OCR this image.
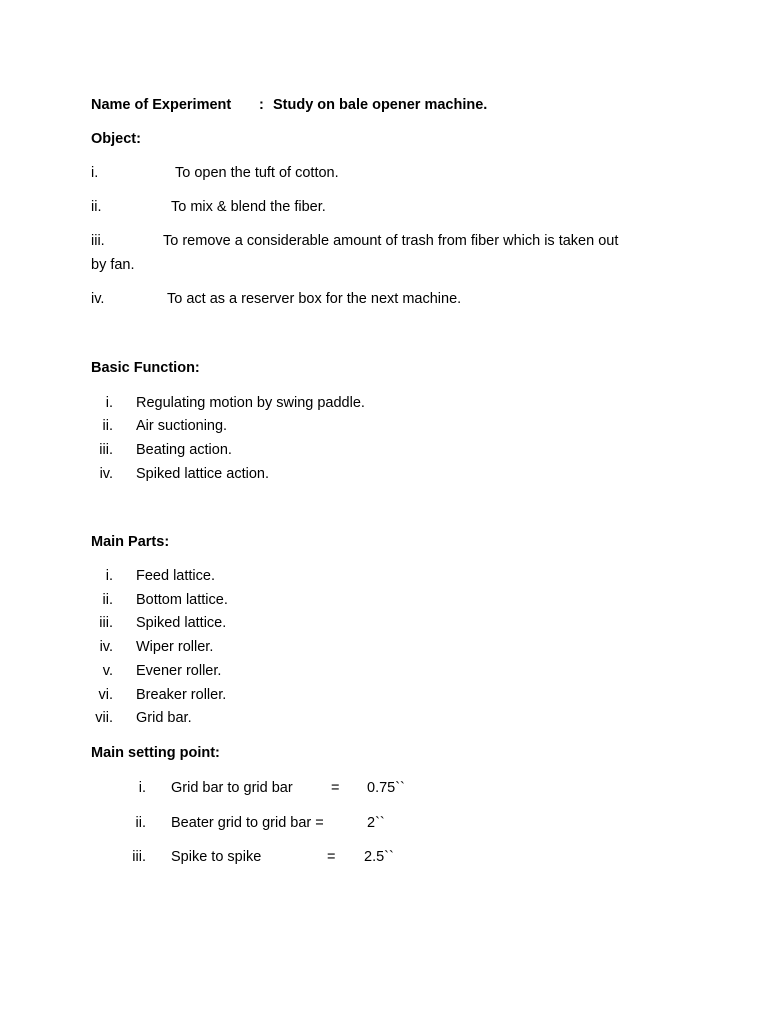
Name of Experiment : Study on bale opener machine.
Object:
i.	To open the tuft of cotton.
ii.	To mix & blend the fiber.
iii.	To remove a considerable amount of trash from fiber which is taken out
by fan.
iv.	To act as a reserver box for the next machine.
Basic Function:
i. Regulating motion by swing paddle.
ii. Air suctioning.
iii. Beating action.
iv. Spiked lattice action.
Main Parts:
i. Feed lattice.
ii. Bottom lattice.
iii. Spiked lattice.
iv. Wiper roller.
v. Evener roller.
vi. Breaker roller.
vii. Grid bar.
Main setting point:
i. Grid bar to grid bar	= 0.75``
ii. Beater grid to grid bar =	2``
iii. Spike to spike	= 2.5``
